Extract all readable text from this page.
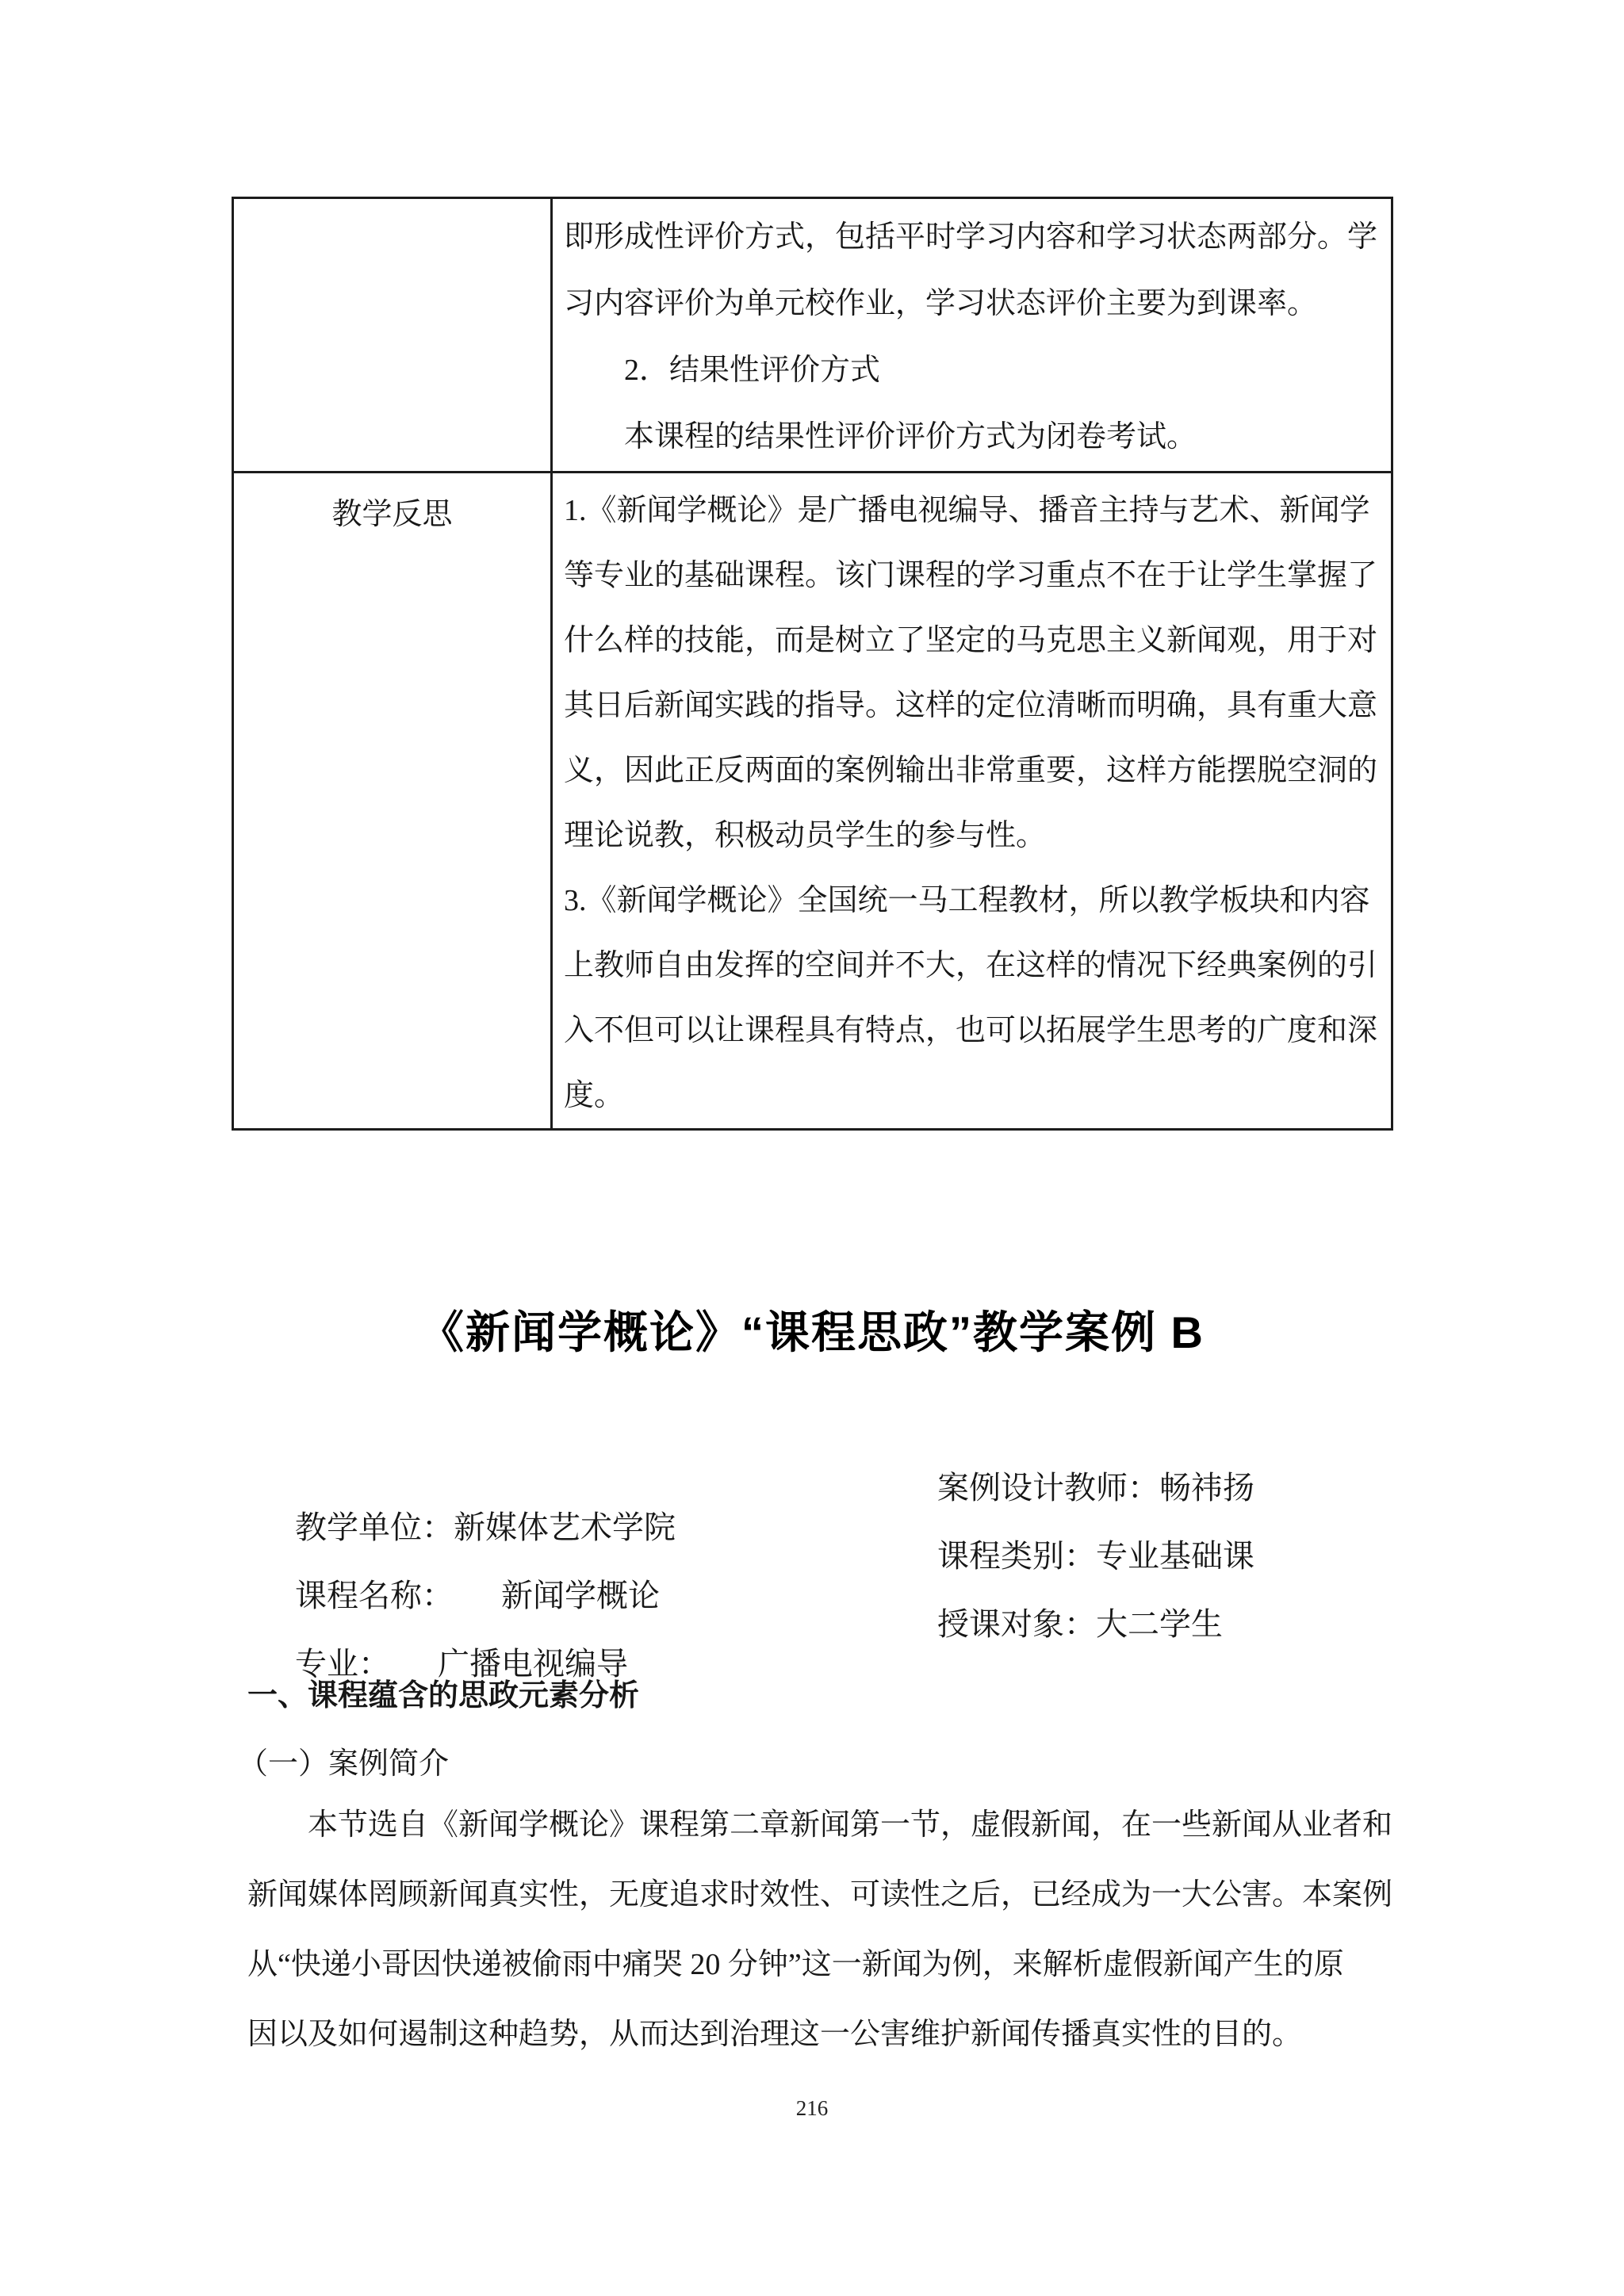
	即形成性评价方式，包括平时学习内容和学习状态两部分。学
习内容评价为单元校作业，学习状态评价主要为到课率。
　　2．结果性评价方式
　　本课程的结果性评价评价方式为闭卷考试。

教学反思	1.《新闻学概论》是广播电视编导、播音主持与艺术、新闻学
等专业的基础课程。该门课程的学习重点不在于让学生掌握了
什么样的技能，而是树立了坚定的马克思主义新闻观，用于对
其日后新闻实践的指导。这样的定位清晰而明确，具有重大意
义，因此正反两面的案例输出非常重要，这样方能摆脱空洞的
理论说教，积极动员学生的参与性。
3.《新闻学概论》全国统一马工程教材，所以教学板块和内容
上教师自由发挥的空间并不大，在这样的情况下经典案例的引
入不但可以让课程具有特点，也可以拓展学生思考的广度和深
度。
《新闻学概论》“课程思政”教学案例 B

教学单位：新媒体艺术学院

案例设计教师：畅祎扬

课程名称：　　新闻学概论

课程类别：专业基础课

专业：　　广播电视编导

授课对象：大二学生

一、课程蕴含的思政元素分析
（一）案例简介
　　本节选自《新闻学概论》课程第二章新闻第一节，虚假新闻，在一些新闻从业者和
新闻媒体罔顾新闻真实性，无度追求时效性、可读性之后，已经成为一大公害。本案例
从“快递小哥因快递被偷雨中痛哭 20 分钟”这一新闻为例，来解析虚假新闻产生的原
因以及如何遏制这种趋势，从而达到治理这一公害维护新闻传播真实性的目的。
216
